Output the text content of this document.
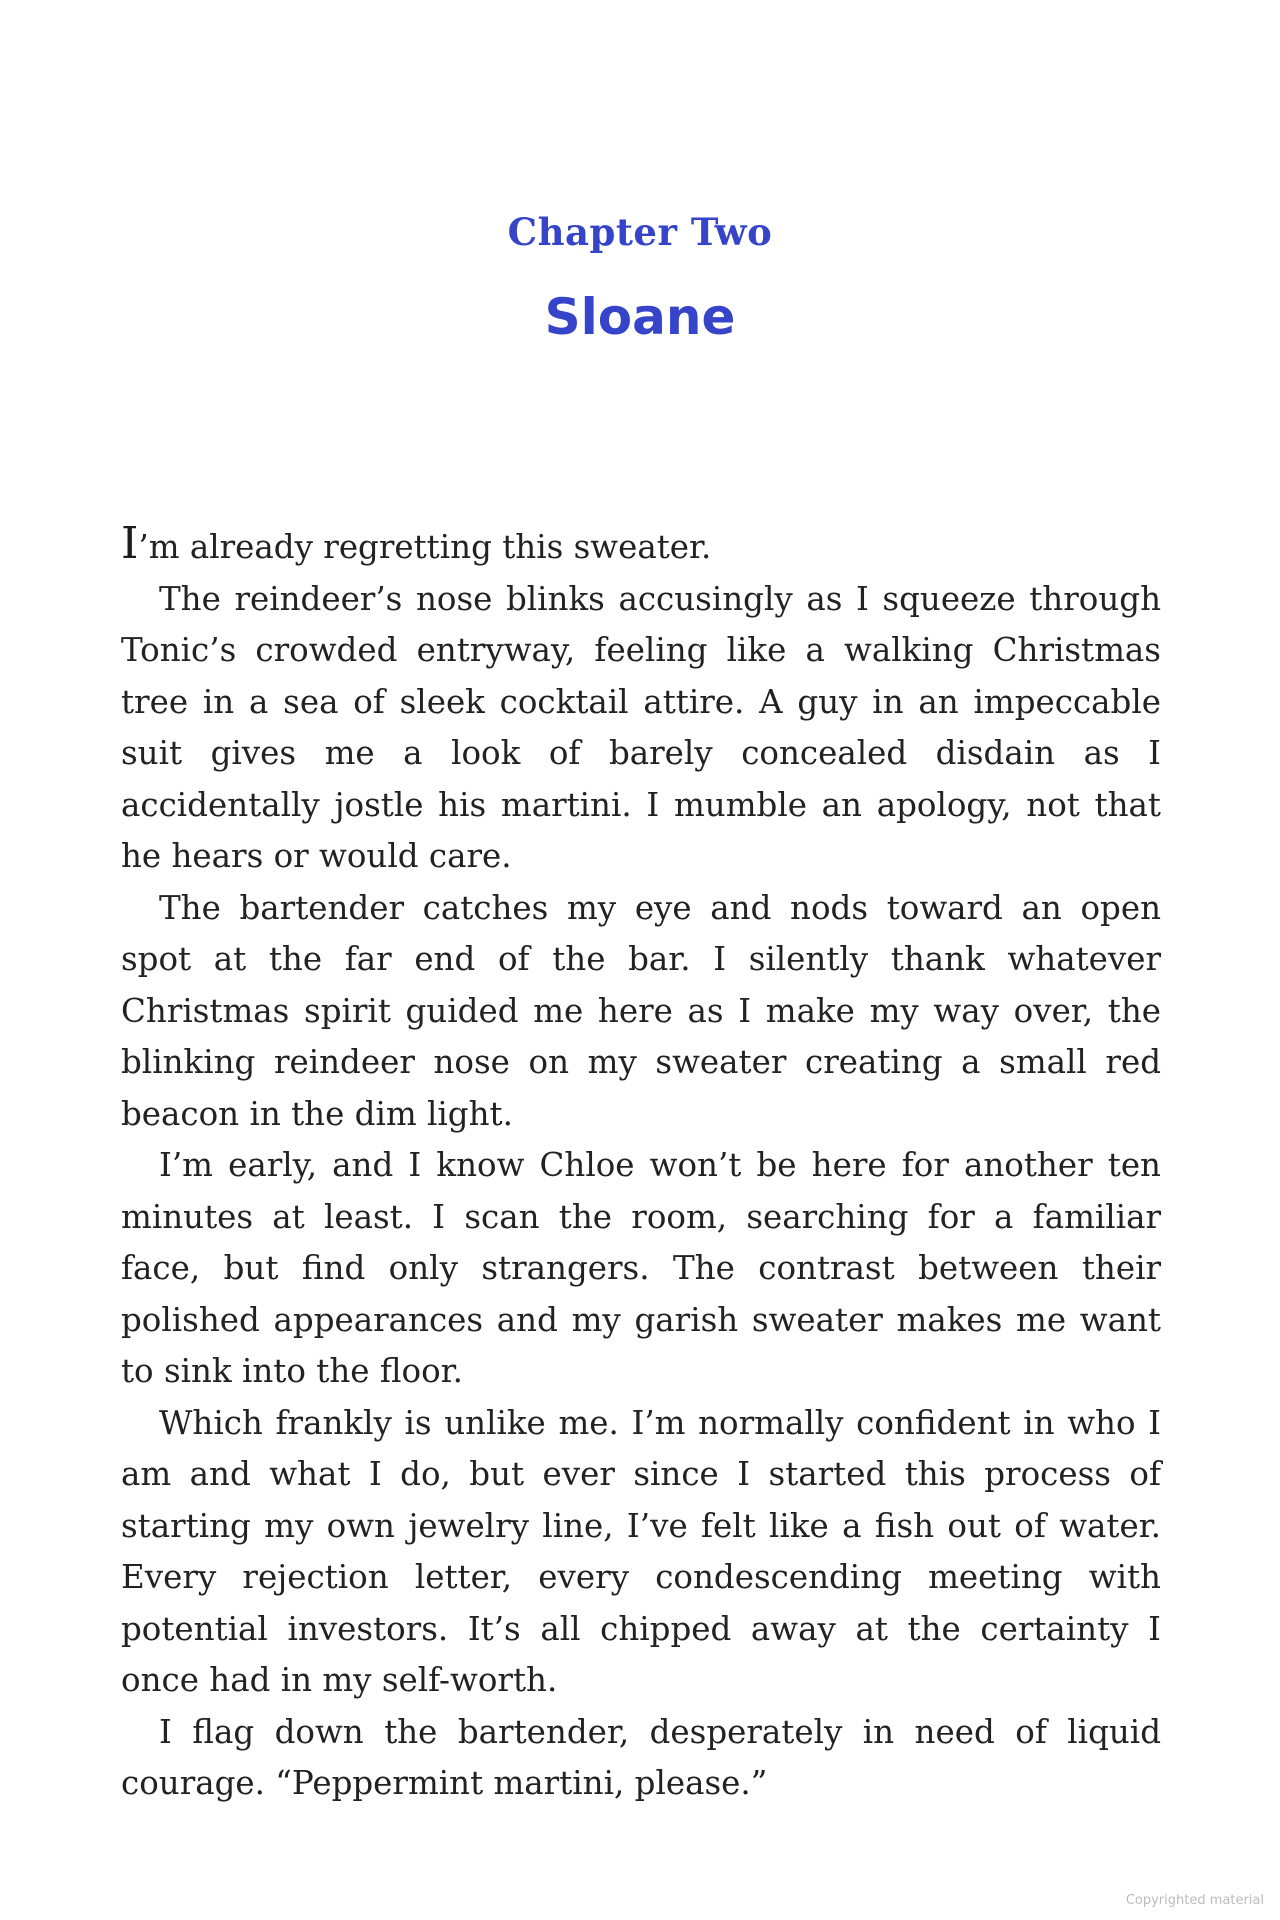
Chapter Two
Sloane

I’m already regretting this sweater.

The reindeer’s nose blinks accusingly as I squeeze through Tonic’s crowded entryway, feeling like a walking Christmas tree in a sea of sleek cocktail attire. A guy in an impeccable suit gives me a look of barely concealed disdain as I accidentally jostle his martini. I mumble an apology, not that he hears or would care.

The bartender catches my eye and nods toward an open spot at the far end of the bar. I silently thank whatever Christmas spirit guided me here as I make my way over, the blinking reindeer nose on my sweater creating a small red beacon in the dim light.

I’m early, and I know Chloe won’t be here for another ten minutes at least. I scan the room, searching for a familiar face, but find only strangers. The contrast between their polished appearances and my garish sweater makes me want to sink into the floor.

Which frankly is unlike me. I’m normally confident in who I am and what I do, but ever since I started this process of starting my own jewelry line, I’ve felt like a fish out of water. Every rejection letter, every condescending meeting with potential investors. It’s all chipped away at the certainty I once had in my self-worth.

I flag down the bartender, desperately in need of liquid courage. “Peppermint martini, please.”

Copyrighted material
